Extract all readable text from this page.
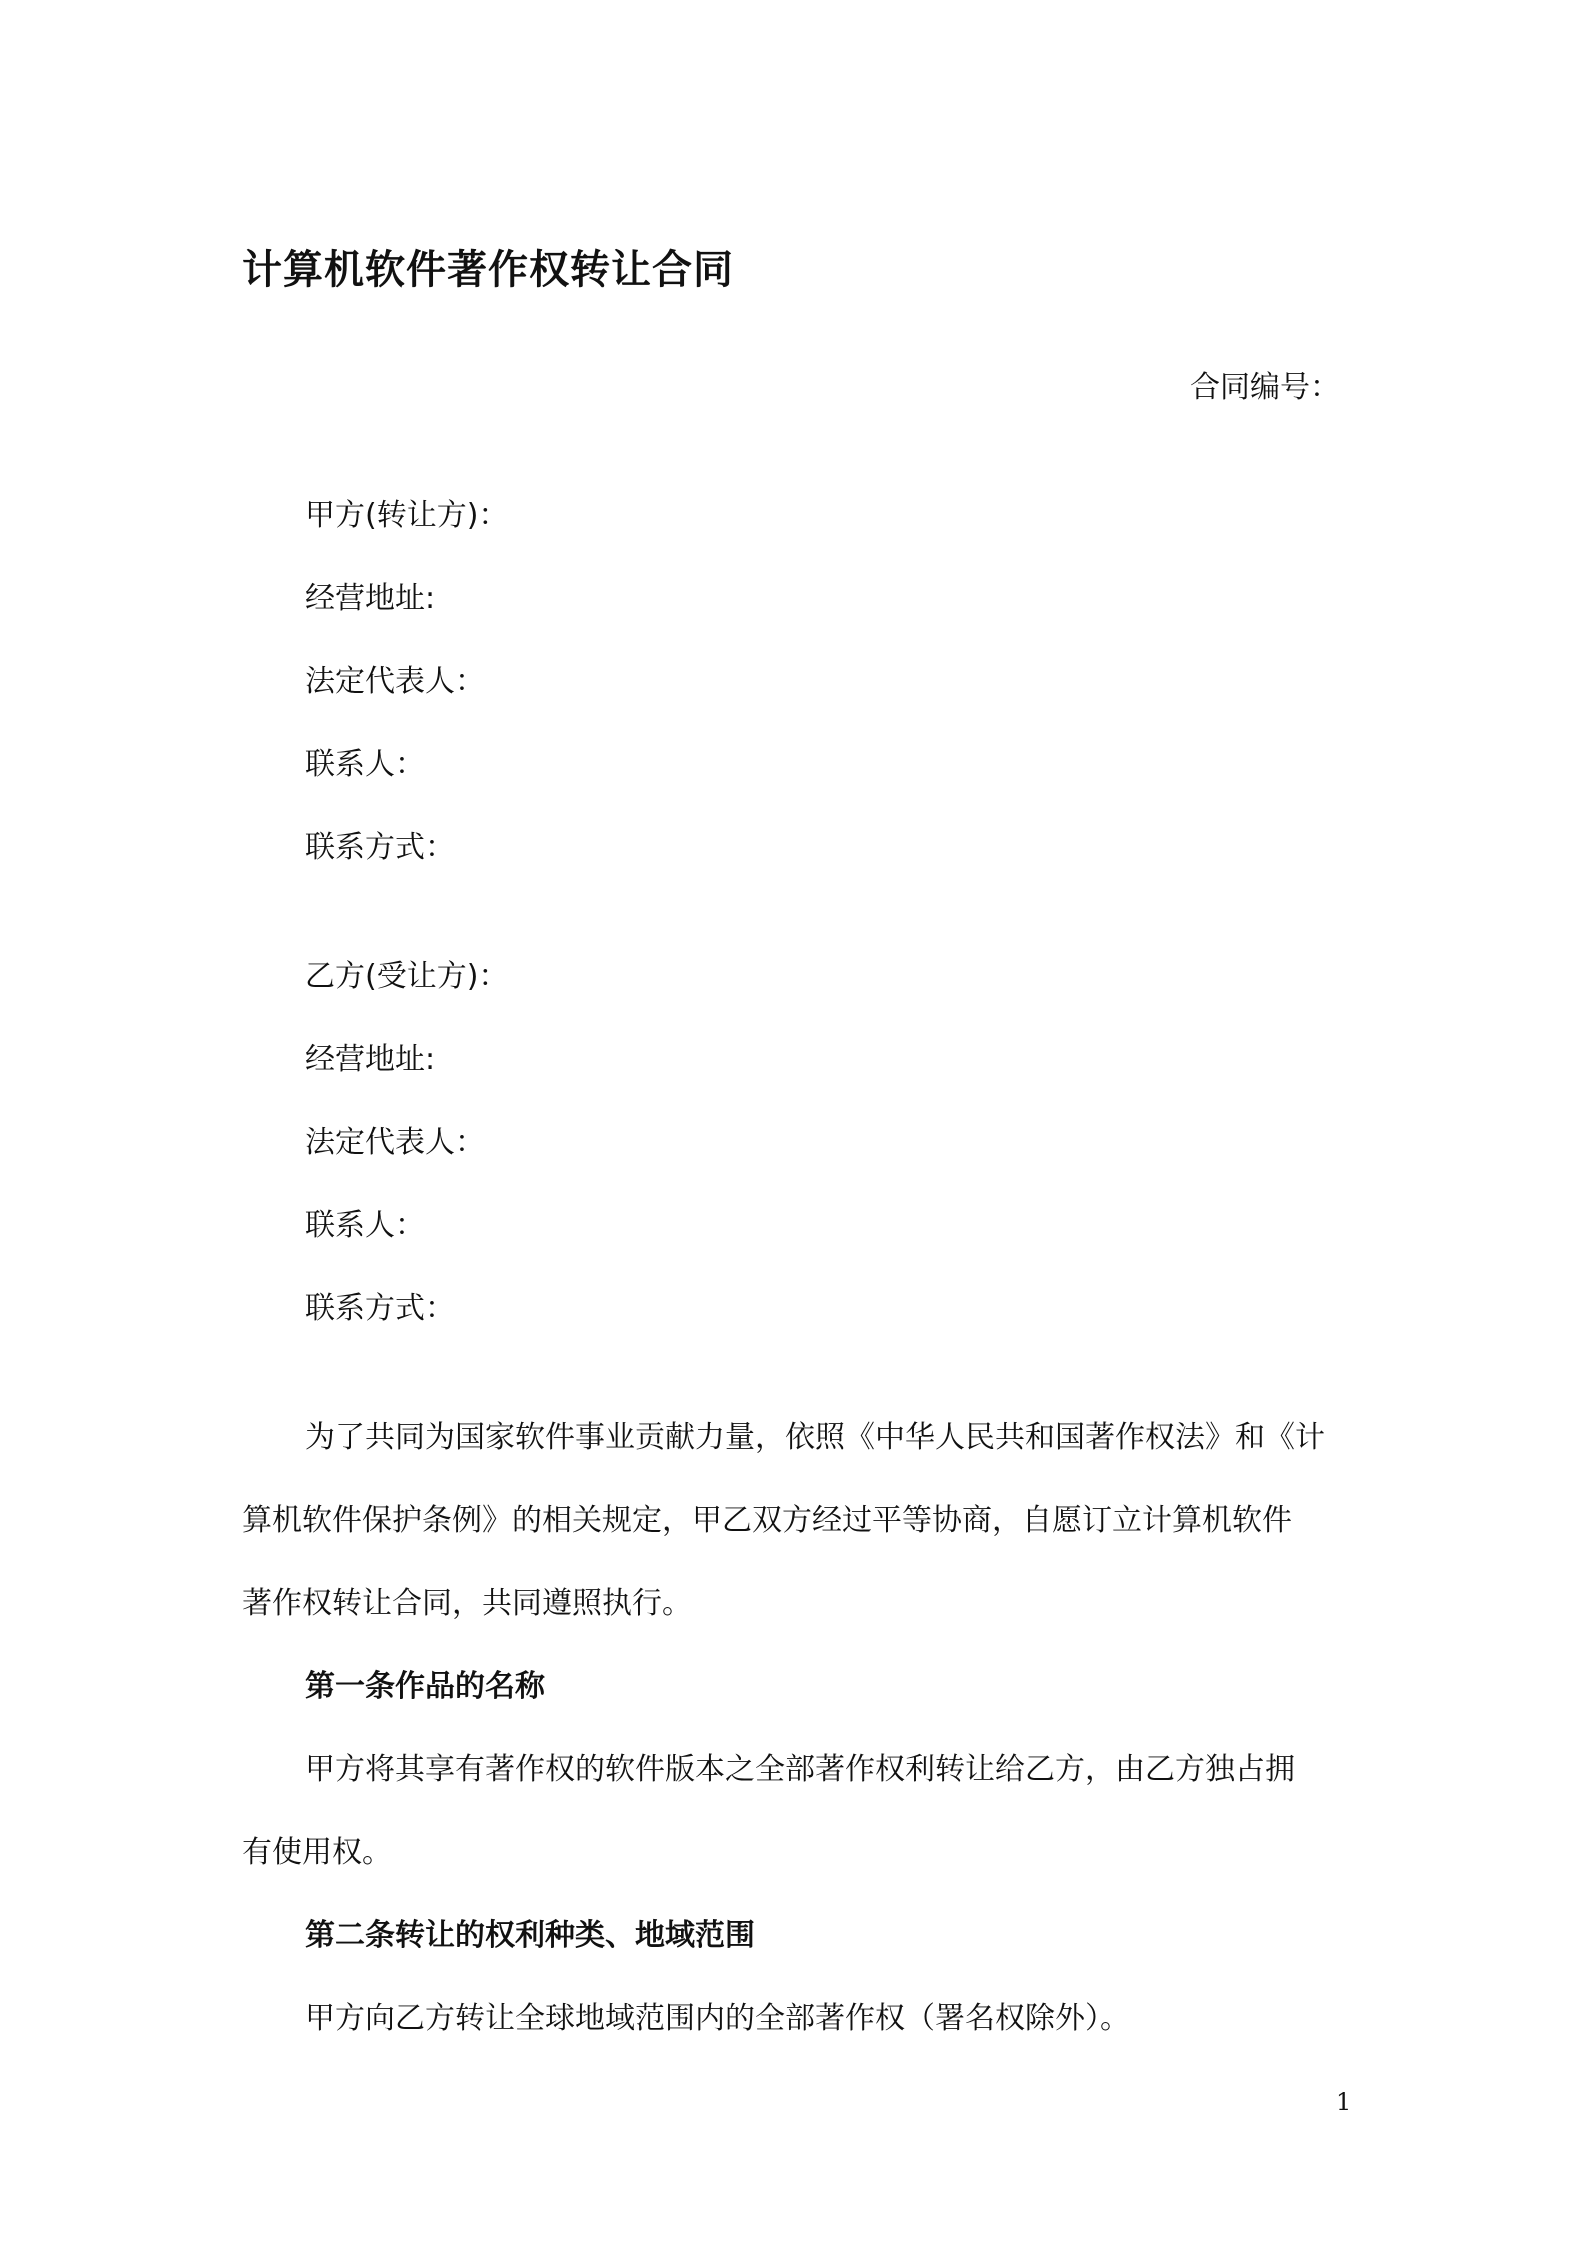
计算机软件著作权转让合同
合同编号：
甲方(转让方)：
经营地址:
法定代表人：
联系人：
联系方式：
乙方(受让方)：
经营地址:
法定代表人：
联系人：
联系方式：
为了共同为国家软件事业贡献力量，依照《中华人民共和国著作权法》和《计
算机软件保护条例》的相关规定，甲乙双方经过平等协商，自愿订立计算机软件
著作权转让合同，共同遵照执行。
第一条作品的名称
甲方将其享有著作权的软件版本之全部著作权利转让给乙方，由乙方独占拥
有使用权。
第二条转让的权利种类、地域范围
甲方向乙方转让全球地域范围内的全部著作权（署名权除外）。
1
